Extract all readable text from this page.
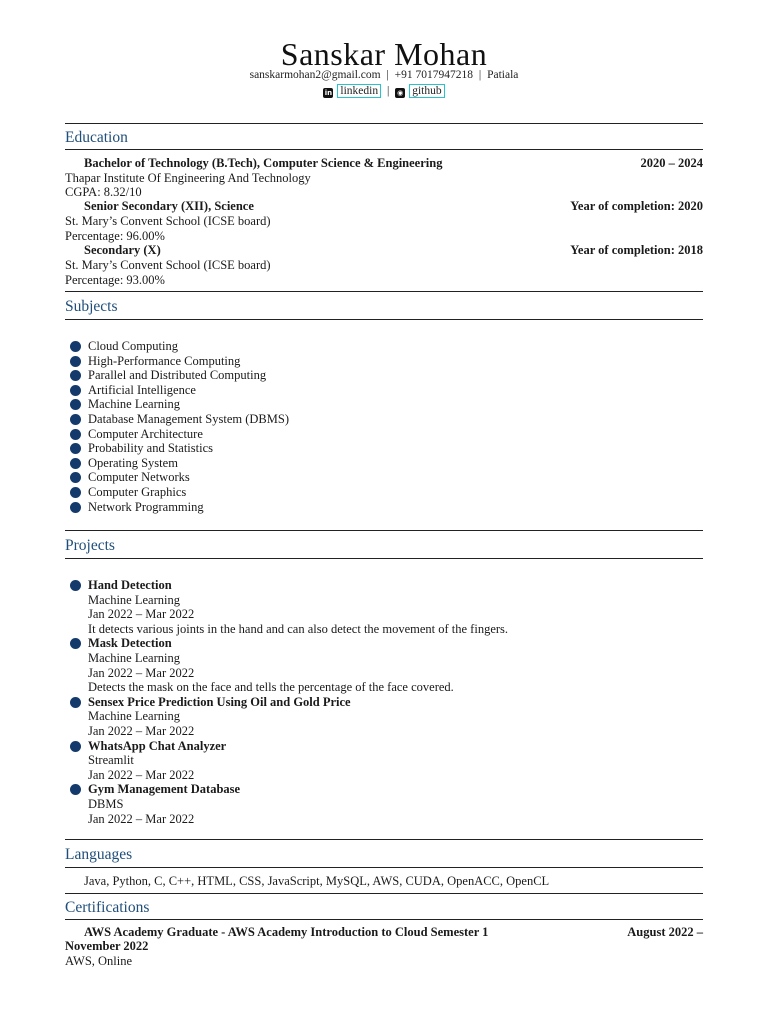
Sanskar Mohan
sanskarmohan2@gmail.com | +91 7017947218 | Patiala
in linkedin | ◉ github
Education
Bachelor of Technology (B.Tech), Computer Science & Engineering	2020 – 2024
Thapar Institute Of Engineering And Technology
CGPA: 8.32/10
Senior Secondary (XII), Science	Year of completion: 2020
St. Mary’s Convent School (ICSE board)
Percentage: 96.00%
Secondary (X)	Year of completion: 2018
St. Mary’s Convent School (ICSE board)
Percentage: 93.00%
Subjects
Cloud Computing
High-Performance Computing
Parallel and Distributed Computing
Artificial Intelligence
Machine Learning
Database Management System (DBMS)
Computer Architecture
Probability and Statistics
Operating System
Computer Networks
Computer Graphics
Network Programming
Projects
Hand Detection
Machine Learning
Jan 2022 – Mar 2022
It detects various joints in the hand and can also detect the movement of the fingers.
Mask Detection
Machine Learning
Jan 2022 – Mar 2022
Detects the mask on the face and tells the percentage of the face covered.
Sensex Price Prediction Using Oil and Gold Price
Machine Learning
Jan 2022 – Mar 2022
WhatsApp Chat Analyzer
Streamlit
Jan 2022 – Mar 2022
Gym Management Database
DBMS
Jan 2022 – Mar 2022
Languages
Java, Python, C, C++, HTML, CSS, JavaScript, MySQL, AWS, CUDA, OpenACC, OpenCL
Certifications
AWS Academy Graduate - AWS Academy Introduction to Cloud Semester 1	August 2022 –
November 2022
AWS, Online
